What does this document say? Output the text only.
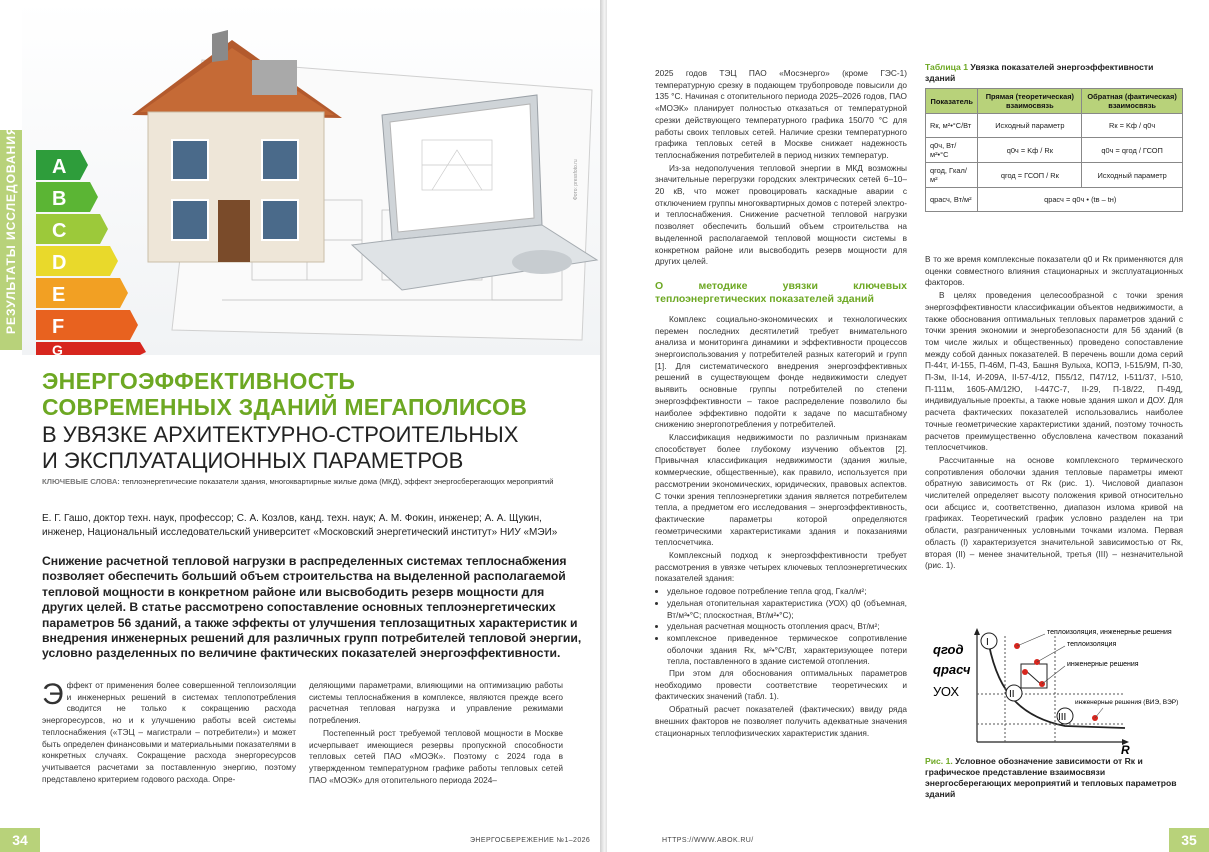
A
B
C
D
E
F
G
Фото: pressfoto.ru
РЕЗУЛЬТАТЫ ИССЛЕДОВАНИЯ
ЭНЕРГОЭФФЕКТИВНОСТЬ
СОВРЕМЕННЫХ ЗДАНИЙ МЕГАПОЛИСОВ
В УВЯЗКЕ АРХИТЕКТУРНО-СТРОИТЕЛЬНЫХ
И ЭКСПЛУАТАЦИОННЫХ ПАРАМЕТРОВ
КЛЮЧЕВЫЕ СЛОВА: теплоэнергетические показатели здания, многоквартирные жилые дома (МКД), эффект энергосберегающих мероприятий
Е. Г. Гашо, доктор техн. наук, профессор; С. А. Козлов, канд. техн. наук; А. М. Фокин, инженер; А. А. Щукин, инженер, Национальный исследовательский университет «Московский энергетический институт» НИУ «МЭИ»
Снижение расчетной тепловой нагрузки в распределенных системах теплоснабжения позволяет обеспечить больший объем строительства на выделенной располагаемой тепловой мощности в конкретном районе или высвободить резерв мощности для других целей. В статье рассмотрено сопоставление основных теплоэнергетических параметров 56 зданий, а также эффекты от улучшения теплозащитных характеристик и внедрения инженерных решений для различных групп потребителей тепловой энергии, условно разделенных по величине фактических показателей энергоэффективности.
Э ффект от применения более совершенной теплоизоляции и инженерных решений в системах теплопотребления сводится не только к сокращению расхода энергоресурсов, но и к улучшению работы всей системы теплоснабжения («ТЭЦ – магистрали – потребители») и может быть определен финансовыми и материальными показателями в конкретных случаях. Сокращение расхода энергоресурсов учитывается расчетами за поставленную энергию, поэтому представлено критерием годового расхода. Опре-

деляющими параметрами, влияющими на оптимизацию работы системы теплоснабжения в комплексе, являются прежде всего расчетная тепловая нагрузка и управление режимами потребления.

Постепенный рост требуемой тепловой мощности в Москве исчерпывает имеющиеся резервы пропускной способности тепловых сетей ПАО «МОЭК». Поэтому с 2024 года в утвержденном температурном графике работы тепловых сетей ПАО «МОЭК» для отопительного периода 2024–

34	ЭНЕРГОСБЕРЕЖЕНИЕ №1–2026

2025 годов ТЭЦ ПАО «Мосэнерго» (кроме ГЭС-1) температурную срезку в подающем трубопроводе повысили до 135 °С. Начиная с отопительного периода 2025–2026 годов, ПАО «МОЭК» планирует полностью отказаться от температурной срезки действующего температурного графика 150/70 °С для работы своих тепловых сетей. Наличие срезки температурного графика тепловых сетей в Москве снижает надежность теплоснабжения потребителей в период низких температур.

Из-за недополучения тепловой энергии в МКД возможны значительные перегрузки городских электрических сетей 6–10–20 кВ, что может провоцировать каскадные аварии с отключением группы многоквартирных домов с потерей электро- и теплоснабжения. Снижение расчетной тепловой нагрузки позволяет обеспечить больший объем строительства на выделенной располагаемой тепловой мощности системы в конкретном районе или высвободить резерв мощности для других целей.

О методике увязки ключевых теплоэнергетических показателей зданий

Комплекс социально-экономических и технологических перемен последних десятилетий требует внимательного анализа и мониторинга динамики и эффективности процессов энергоиспользования у потребителей разных категорий и групп [1]. Для систематического внедрения энергоэффективных решений в существующем фонде недвижимости следует выявить основные группы потребителей по степени энергоэффективности – такое распределение позволило бы наиболее эффективно подойти к задаче по масштабному снижению энергопотребления у потребителей.

Классификация недвижимости по различным признакам способствует более глубокому изучению объектов [2]. Привычная классификация недвижимости (здания жилые, коммерческие, общественные), как правило, используется при рассмотрении экономических, юридических, правовых аспектов. С точки зрения теплоэнергетики здания является потребителем тепла, а предметом его исследования – энергоэффективность, фактические параметры которой определяются геометрическими характеристиками здания и показаниями теплосчетчика.

Комплексный подход к энергоэффективности требует рассмотрения в увязке четырех ключевых теплоэнергетических показателей здания:

• удельное годовое потребление тепла qгод, Гкал/м²;
• удельная отопительная характеристика (УОХ) q0 (объемная, Вт/м³•°С; плоскостная, Вт/м²•°С);
• удельная расчетная мощность отопления qрасч, Вт/м²;
• комплексное приведенное термическое сопротивление оболочки здания Rк, м²•°С/Вт, характеризующее потери тепла, поставленного в здание системой отопления.

При этом для обоснования оптимальных параметров необходимо провести соответствие теоретических и фактических значений (табл. 1).

Обратный расчет показателей (фактических) ввиду ряда внешних факторов не позволяет получить адекватные значения стационарных теплофизических характеристик здания.

Таблица 1 Увязка показателей энергоэффективности зданий
Показатель	Прямая (теоретическая) взаимосвязь	Обратная (фактическая) взаимосвязь
Rк, м²•°С/Вт	Исходный параметр	Rк = Kф / q0ч
q0ч, Вт/м²•°С	q0ч = Kф / Rк	q0ч = qгод / ГСОП
qгод, Гкал/м²	qгод = ГСОП / Rк	Исходный параметр
qрасч, Вт/м²	qрасч = q0ч • (tв – tн)	

В то же время комплексные показатели q0 и Rк применяются для оценки совместного влияния стационарных и эксплуатационных факторов.

В целях проведения целесообразной с точки зрения энергоэффективности классификации объектов недвижимости, а также обоснования оптимальных тепловых параметров зданий с точки зрения экономии и энергобезопасности для 56 зданий (в том числе жилых и общественных) проведено сопоставление между собой данных показателей. В перечень вошли дома серий П-44т, И-155, П-46М, П-43, Башня Вулыха, КОПЭ, I-515/9М, П-30, П-3м, II-14, И-209А, II-57-4/12, П55/12, П47/12, I-511/37, I-510, П-111м, 1605-АМ/12Ю, I-447С-7, II-29, П-18/22, П-49Д, индивидуальные проекты, а также новые здания школ и ДОУ. Для расчета фактических показателей использовались наиболее точные геометрические характеристики зданий, поэтому точность расчетов преимущественно обусловлена качеством показаний теплосчетчиков.

Рассчитанные на основе комплексного термического сопротивления оболочки здания тепловые параметры имеют обратную зависимость от Rк (рис. 1). Числовой диапазон числителей определяет высоту положения кривой относительно оси абсцисс и, соответственно, диапазон излома кривой на графиках. Теоретический график условно разделен на три области, разграниченных условными точками излома. Первая область (I) характеризуется значительной зависимостью от Rк, вторая (II) – менее значительной, третья (III) – незначительной (рис. 1).

qгод
qрасч
УОХ
R
I
II
III
теплоизоляция, инженерные решения
теплоизоляция
инженерные решения
инженерные решения (ВИЭ, ВЭР)
Рис. 1. Условное обозначение зависимости от Rк и графическое представление взаимосвязи энергосберегающих мероприятий и тепловых параметров зданий
HTTPS://WWW.ABOK.RU/	35
